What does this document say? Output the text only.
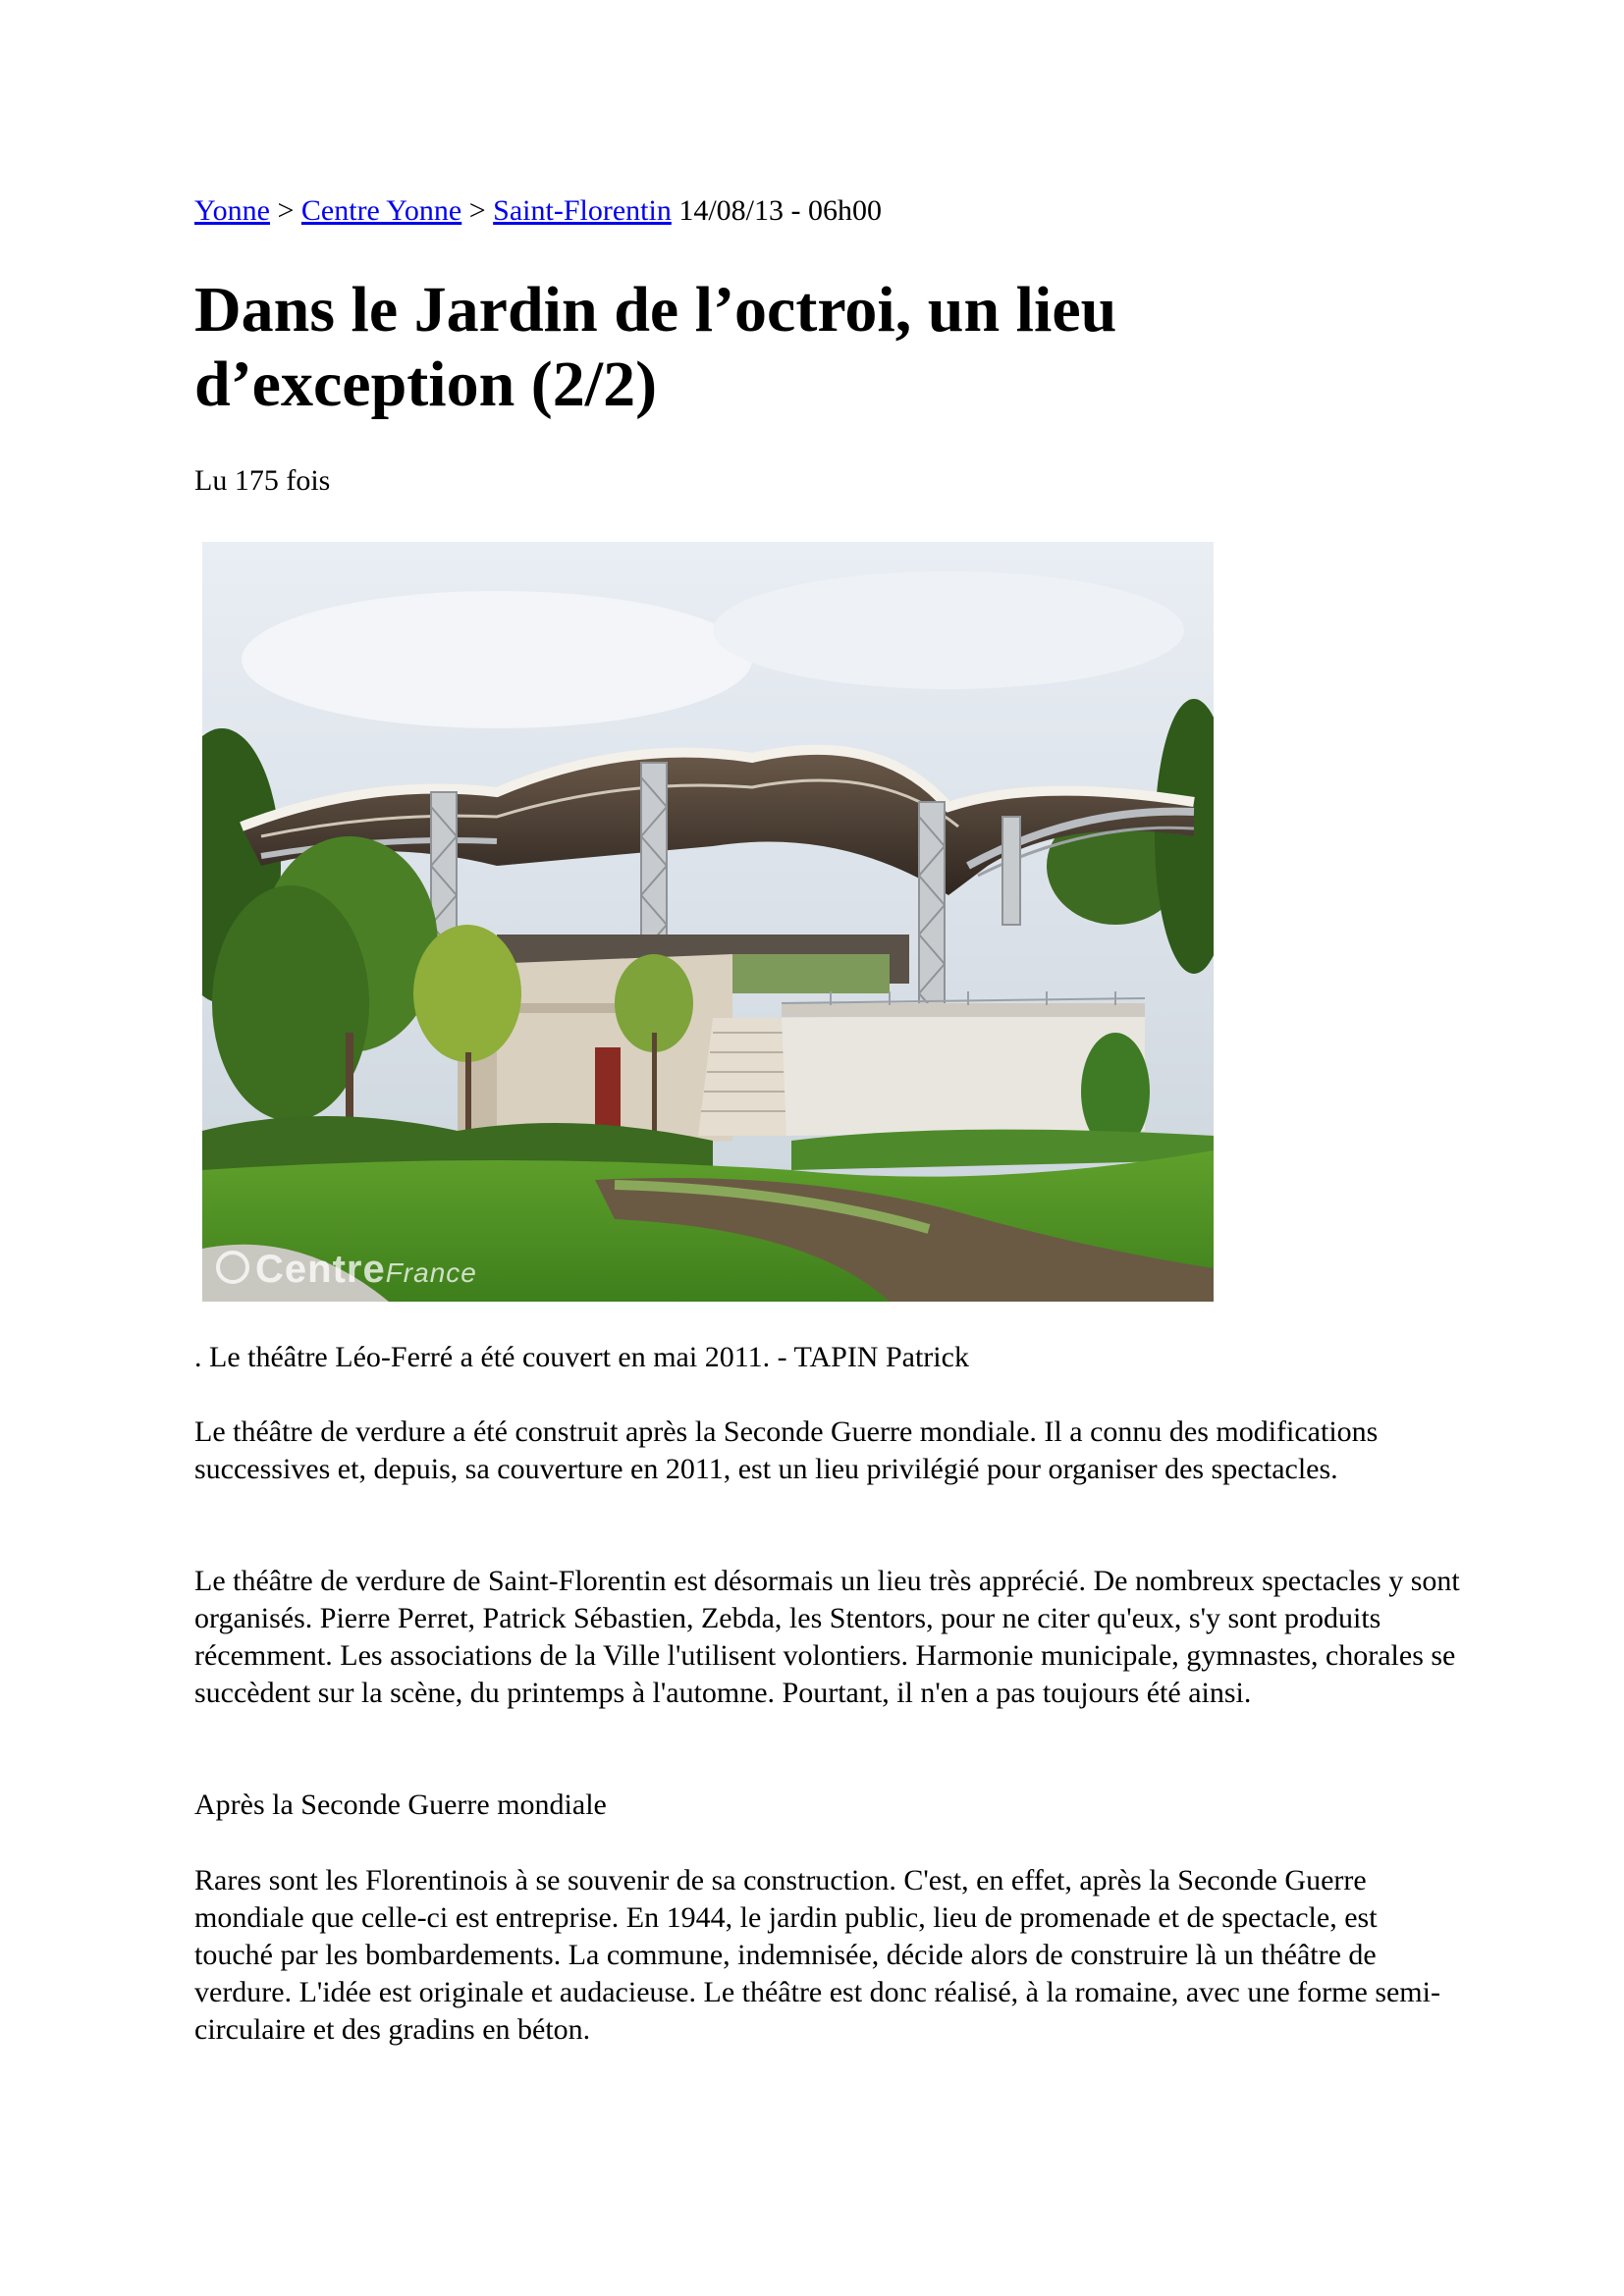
Yonne > Centre Yonne > Saint-Florentin 14/08/13 - 06h00
Dans le Jardin de l’octroi, un lieu d’exception (2/2)
Lu 175 fois
CentreFrance

. Le théâtre Léo-Ferré a été couvert en mai 2011. - TAPIN Patrick

Le théâtre de verdure a été construit après la Seconde Guerre mondiale. Il a connu des modifications successives et, depuis, sa couverture en 2011, est un lieu privilégié pour organiser des spectacles.

Le théâtre de verdure de Saint-Florentin est désormais un lieu très apprécié. De nombreux spectacles y sont organisés. Pierre Perret, Patrick Sébastien, Zebda, les Stentors, pour ne citer qu'eux, s'y sont produits récemment. Les associations de la Ville l'utilisent volontiers. Harmonie municipale, gymnastes, chorales se succèdent sur la scène, du printemps à l'automne. Pourtant, il n'en a pas toujours été ainsi.

Après la Seconde Guerre mondiale

Rares sont les Florentinois à se souvenir de sa construction. C'est, en effet, après la Seconde Guerre mondiale que celle-ci est entreprise. En 1944, le jardin public, lieu de promenade et de spectacle, est touché par les bombardements. La commune, indemnisée, décide alors de construire là un théâtre de verdure. L'idée est originale et audacieuse. Le théâtre est donc réalisé, à la romaine, avec une forme semi-circulaire et des gradins en béton.
